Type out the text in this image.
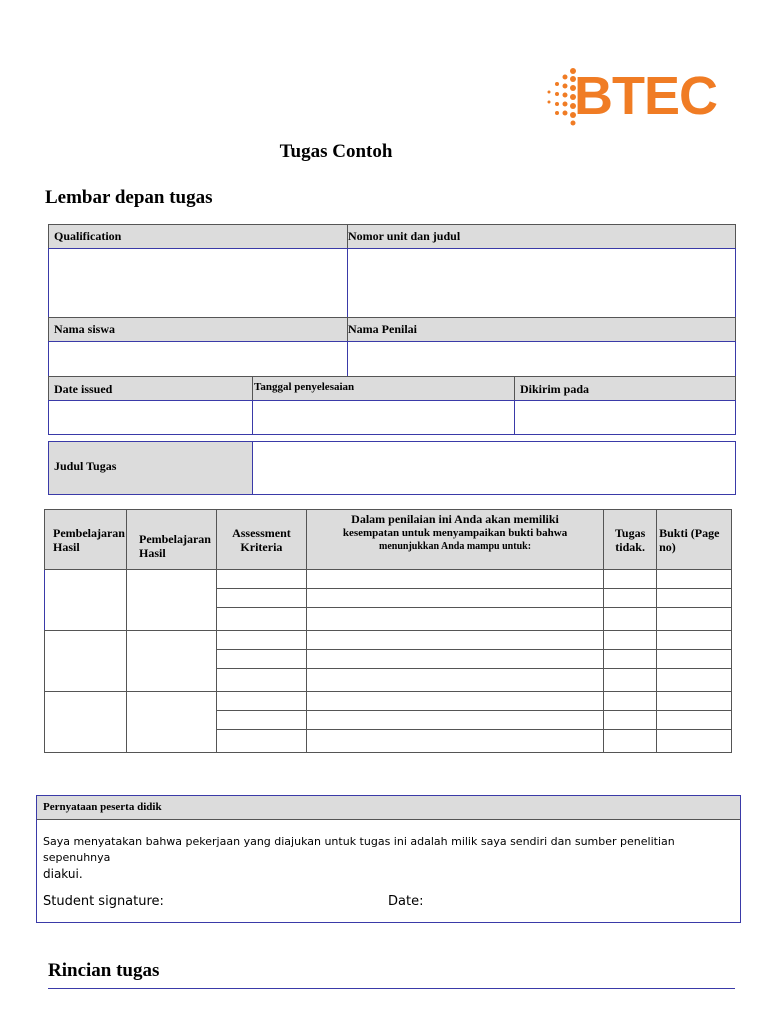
BTEC
Tugas Contoh
Lembar depan tugas
Qualification	Nomor unit dan judul
Nama siswa	Nama Penilai
Date issued	Tanggal penyelesaian	Dikirim pada
Judul Tugas
Pembelajaran Hasil	Pembelajaran Hasil	Assessment Kriteria	Dalam penilaian ini Anda akan memiliki
kesempatan untuk menyampaikan bukti bahwa
menunjukkan Anda mampu untuk:	Tugas tidak.	Bukti (Page no)

Pernyataan peserta didik
Saya menyatakan bahwa pekerjaan yang diajukan untuk tugas ini adalah milik saya sendiri dan sumber penelitian sepenuhnya
diakui.
Student signature:	Date:
Rincian tugas
